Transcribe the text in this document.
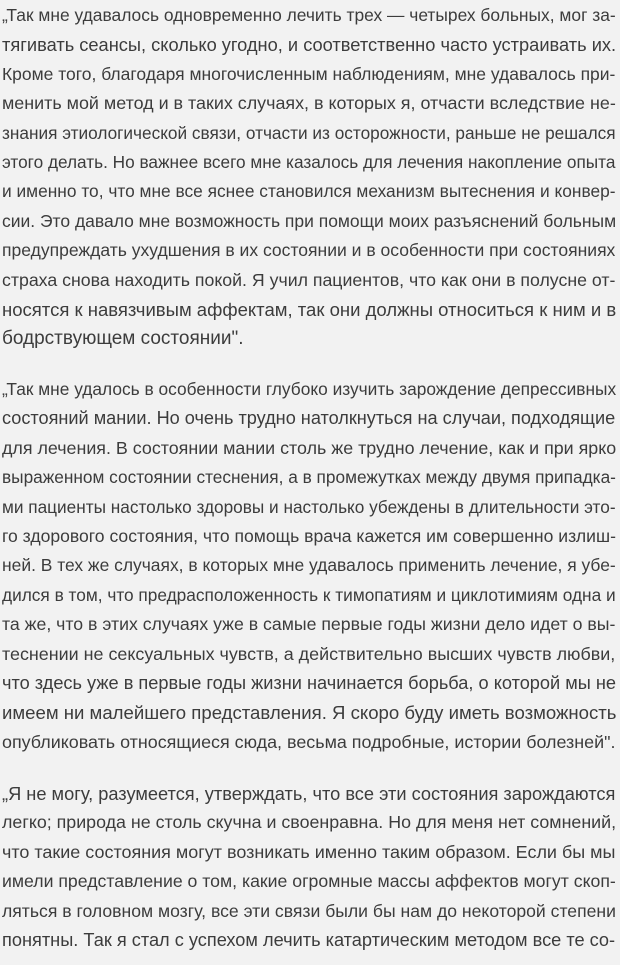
„Так мне удавалось одновременно лечить трех — четырех больных, мог за-
тягивать сеансы, сколько угодно, и соответственно часто устраивать их.
Кроме того, благодаря многочисленным наблюдениям, мне удавалось при-
менить мой метод и в таких случаях, в которых я, отчасти вследствие не-
знания этиологической связи, отчасти из осторожности, раньше не решался
этого делать. Но важнее всего мне казалось для лечения накопление опыта
и именно то, что мне все яснее становился механизм вытеснения и конвер-
сии. Это давало мне возможность при помощи моих разъяснений больным
предупреждать ухудшения в их состоянии и в особенности при состояниях
страха снова находить покой. Я учил пациентов, что как они в полусне от-
носятся к навязчивым аффектам, так они должны относиться к ним и в
бодрствующем состоянии".
„Так мне удалось в особенности глубоко изучить зарождение депрессивных
состояний мании. Но очень трудно натолкнуться на случаи, подходящие
для лечения. В состоянии мании столь же трудно лечение, как и при ярко
выраженном состоянии стеснения, а в промежутках между двумя припадка-
ми пациенты настолько здоровы и настолько убеждены в длительности это-
го здорового состояния, что помощь врача кажется им совершенно излиш-
ней. В тех же случаях, в которых мне удавалось применить лечение, я убе-
дился в том, что предрасположенность к тимопатиям и циклотимиям одна и
та же, что в этих случаях уже в самые первые годы жизни дело идет о вы-
теснении не сексуальных чувств, а действительно высших чувств любви,
что здесь уже в первые годы жизни начинается борьба, о которой мы не
имеем ни малейшего представления. Я скоро буду иметь возможность
опубликовать относящиеся сюда, весьма подробные, истории болезней".
„Я не могу, разумеется, утверждать, что все эти состояния зарождаются
легко; природа не столь скучна и своенравна. Но для меня нет сомнений,
что такие состояния могут возникать именно таким образом. Если бы мы
имели представление о том, какие огромные массы аффектов могут скоп-
ляться в головном мозгу, все эти связи были бы нам до некоторой степени
понятны. Так я стал с успехом лечить катартическим методом все те со-
